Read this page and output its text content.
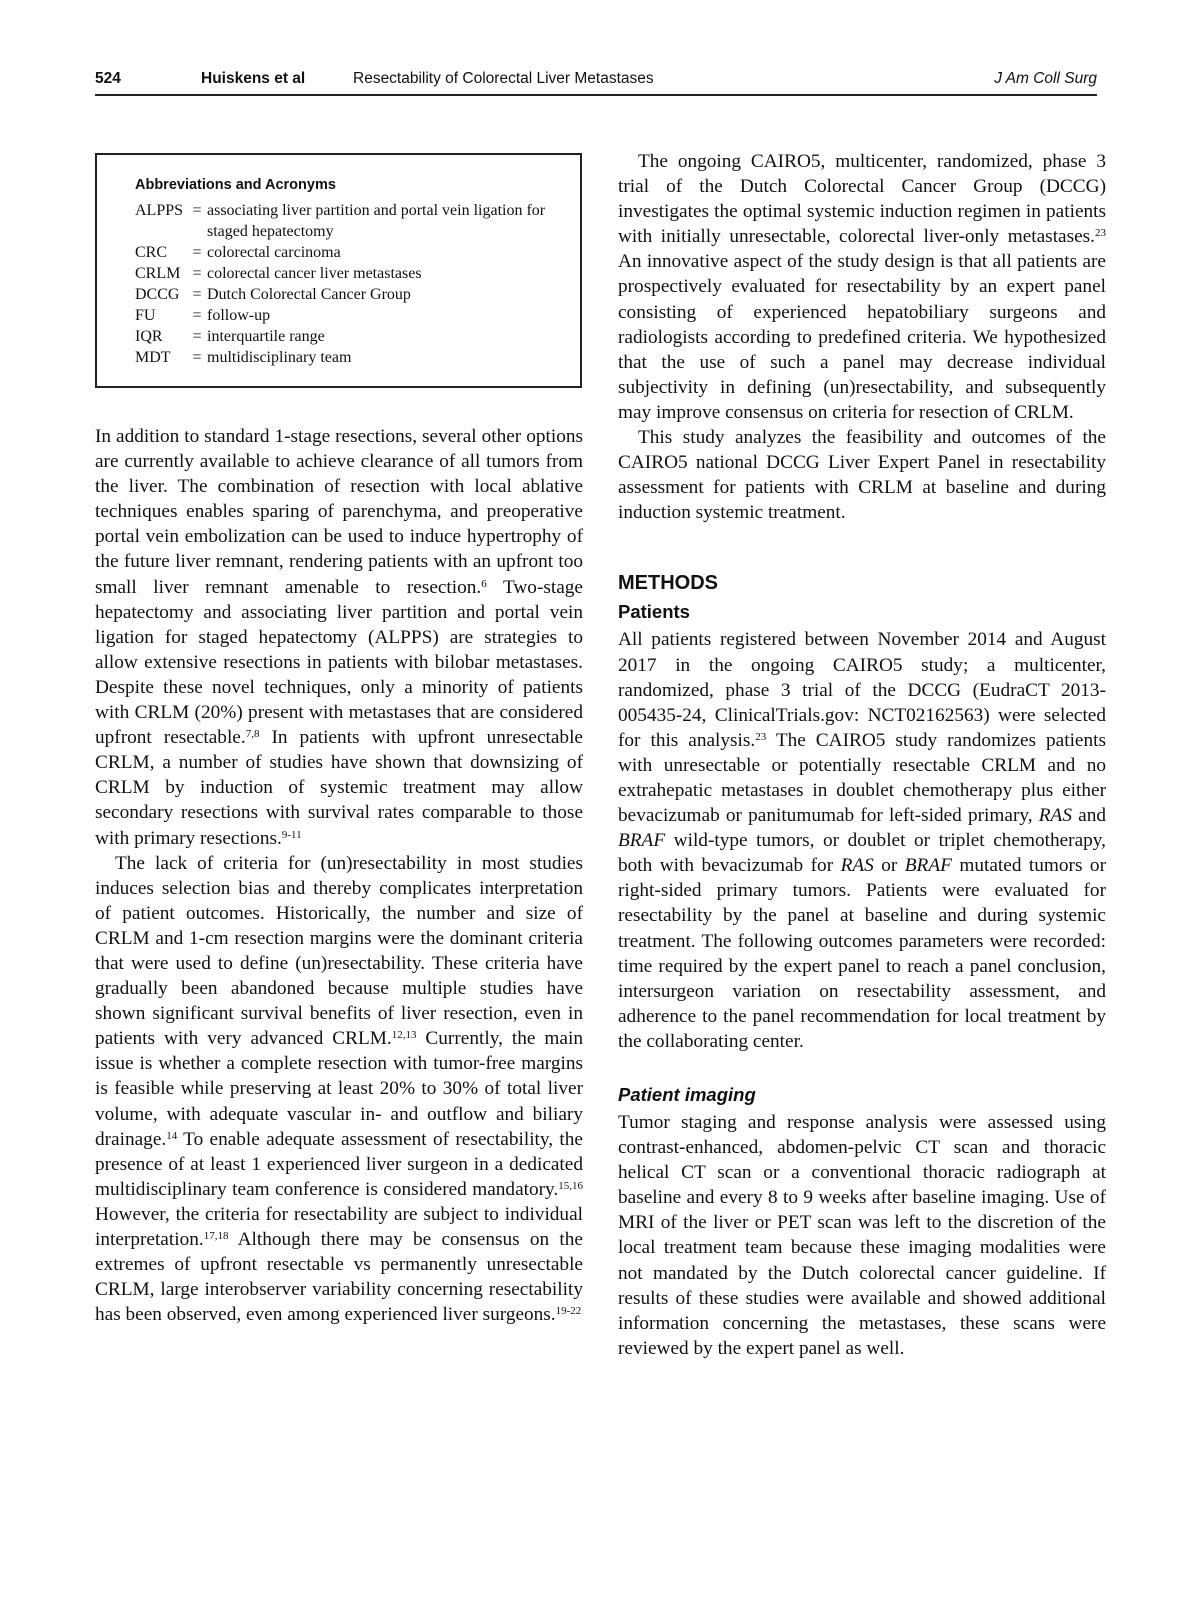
524	Huiskens et al	Resectability of Colorectal Liver Metastases	J Am Coll Surg
Abbreviations and Acronyms
ALPPS	=	associating liver partition and portal vein ligation for staged hepatectomy
CRC	=	colorectal carcinoma
CRLM	=	colorectal cancer liver metastases
DCCG	=	Dutch Colorectal Cancer Group
FU	=	follow-up
IQR	=	interquartile range
MDT	=	multidisciplinary team

In addition to standard 1-stage resections, several other options are currently available to achieve clearance of all tumors from the liver. The combination of resection with local ablative techniques enables sparing of parenchyma, and preoperative portal vein embolization can be used to induce hypertrophy of the future liver remnant, rendering patients with an upfront too small liver remnant amenable to resection.$^6$ Two-stage hepatectomy and associating liver partition and portal vein ligation for staged hepatectomy (ALPPS) are strategies to allow extensive resections in patients with bilobar metastases. Despite these novel techniques, only a minority of patients with CRLM (20%) present with metastases that are considered upfront resectable.$^{7,8}$ In patients with upfront unresectable CRLM, a number of studies have shown that downsizing of CRLM by induction of systemic treatment may allow secondary resections with survival rates comparable to those with primary resections.$^{9-11}$

The lack of criteria for (un)resectability in most studies induces selection bias and thereby complicates interpretation of patient outcomes. Historically, the number and size of CRLM and 1-cm resection margins were the dominant criteria that were used to define (un)resectability. These criteria have gradually been abandoned because multiple studies have shown significant survival benefits of liver resection, even in patients with very advanced CRLM.$^{12,13}$ Currently, the main issue is whether a complete resection with tumor-free margins is feasible while preserving at least 20% to 30% of total liver volume, with adequate vascular in- and outflow and biliary drainage.$^{14}$ To enable adequate assessment of resectability, the presence of at least 1 experienced liver surgeon in a dedicated multidisciplinary team conference is considered mandatory.$^{15,16}$ However, the criteria for resectability are subject to individual interpretation.$^{17,18}$ Although there may be consensus on the extremes of upfront resectable vs permanently unresectable CRLM, large interobserver variability concerning resectability has been observed, even among experienced liver surgeons.$^{19-22}$

The ongoing CAIRO5, multicenter, randomized, phase 3 trial of the Dutch Colorectal Cancer Group (DCCG) investigates the optimal systemic induction regimen in patients with initially unresectable, colorectal liver-only metastases.$^{23}$ An innovative aspect of the study design is that all patients are prospectively evaluated for resectability by an expert panel consisting of experienced hepatobiliary surgeons and radiologists according to predefined criteria. We hypothesized that the use of such a panel may decrease individual subjectivity in defining (un)resectability, and subsequently may improve consensus on criteria for resection of CRLM.

This study analyzes the feasibility and outcomes of the CAIRO5 national DCCG Liver Expert Panel in resectability assessment for patients with CRLM at baseline and during induction systemic treatment.

METHODS
Patients

All patients registered between November 2014 and August 2017 in the ongoing CAIRO5 study; a multicenter, randomized, phase 3 trial of the DCCG (EudraCT 2013-005435-24, ClinicalTrials.gov: NCT02162563) were selected for this analysis.$^{23}$ The CAIRO5 study randomizes patients with unresectable or potentially resectable CRLM and no extrahepatic metastases in doublet chemotherapy plus either bevacizumab or panitumumab for left-sided primary, RAS and BRAF wild-type tumors, or doublet or triplet chemotherapy, both with bevacizumab for RAS or BRAF mutated tumors or right-sided primary tumors. Patients were evaluated for resectability by the panel at baseline and during systemic treatment. The following outcomes parameters were recorded: time required by the expert panel to reach a panel conclusion, intersurgeon variation on resectability assessment, and adherence to the panel recommendation for local treatment by the collaborating center.

Patient imaging

Tumor staging and response analysis were assessed using contrast-enhanced, abdomen-pelvic CT scan and thoracic helical CT scan or a conventional thoracic radiograph at baseline and every 8 to 9 weeks after baseline imaging. Use of MRI of the liver or PET scan was left to the discretion of the local treatment team because these imaging modalities were not mandated by the Dutch colorectal cancer guideline. If results of these studies were available and showed additional information concerning the metastases, these scans were reviewed by the expert panel as well.
